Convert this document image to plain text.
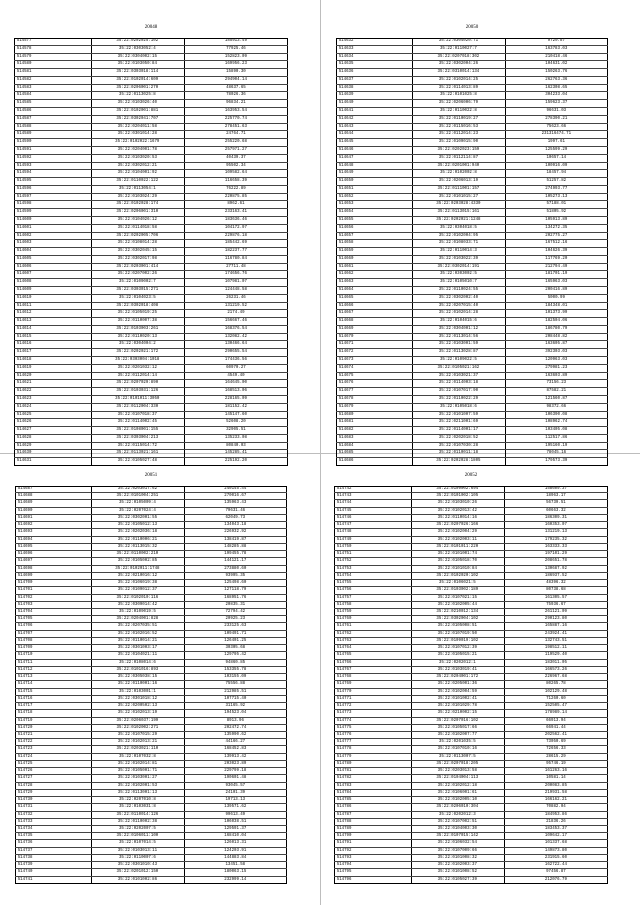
20048
514577	35:22:0202025:102	185913.49
514578	35:22:0303052:4	77925.46
514579	35:22:0304002:15	152823.09
514580	35:22:0103050:84	169956.23
514581	35:22:0303018:114	15890.30
514582	35:22:0102014:609	294904.14
514583	35:22:0206001:270	48637.65
514584	35:22:0113025:8	78026.36
514585	35:22:0103026:40	96834.21
514586	35:22:0102001:881	163953.54
514587	35:22:0302041:707	225770.74
514588	35:22:0204011:58	278451.63
514589	35:22:0301014:28	24764.71
514590	35:22:0102022:1679	255220.68
514591	35:22:0204001:78	257971.27
514592	35:22:0103020:53	40439.37
514593	35:22:0302012:21	95502.34
514594	35:22:0104001:92	109582.64
514595	35:22:0110022:122	116658.39
514596	35:22:0113054:1	76222.89
514597	35:22:0103024:29	220875.85
514598	35:22:0102028:174	8962.61
514599	35:22:0206001:310	233163.41
514600	35:22:0104026:12	183636.46
514601	35:22:0114018:58	104172.97
514602	35:22:0202005:706	229876.18
514603	35:22:0108014:28	185442.69
514604	35:22:0302045:15	182237.77
514605	35:22:0302017:98	116780.84
514606	35:22:0203001:414	27711.48
514607	35:22:0207002:26	174656.76
514608	35:22:0109002:7	107981.07
514609	35:22:0303015:271	124448.58
514610	35:22:0104023:5	26231.46
514611	35:22:0302018:408	131219.52
514612	35:22:0105019:25	2174.49
514613	35:22:0110007:38	156667.46
514614	35:22:0103003:261	168376.54
514615	35:22:0110020:13	132082.42
514616	35:22:0304004:2	130466.64
514617	35:22:0202021:172	290655.54
514618	35:22:0303004:1018	174436.56
514619	35:22:0201032:12	60970.27
514620	35:22:0112014:14	4549.40
514621	35:22:0207029:890	164645.00
514622	35:22:0103031:126	168513.06
514623	35:22:0101011:3050	228165.09
514624	35:22:0112004:330	181152.42
514625	35:22:0107018:37	145147.60
514626	35:22:0114002:45	52608.20
514627	35:22:0108001:155	32905.51
514628	35:22:0303004:213	135233.08
514629	35:22:0115014:72	80840.03
514630	35:22:0113021:161	145285.41
514631	35:22:0105027:48	225192.20
20050
514632	35:22:0304020:71	9720.87
514633	35:22:0110027:7	163783.03
514634	35:22:0207018:302	210418.46
514635	35:22:0302004:26	104631.02
514636	35:22:0310014:134	150263.76
514637	35:22:0102014:25	262763.36
514638	35:22:0114013:89	162308.65
514639	35:22:0101025:8	304233.04
514640	35:22:0206006:79	159623.37
514641	35:22:0110022:8	96631.03
514642	35:22:0110019:27	278390.21
514643	35:22:0115016:53	75623.66
514644	35:22:0112014:23	231316474.71
514645	35:22:0109015:90	1997.61
514646	35:22:0202023:159	125599.29
514647	35:22:0112114:87	10657.14
514648	35:22:0201001:940	100916.09
514649	35:22:0102002:8	18457.94
514650	35:22:0206013:19	51257.82
514651	35:22:0111001:157	274993.77
514652	35:22:0101015:27	105273.13
514653	35:22:0203028:4330	57188.01
514654	35:22:0113015:161	51805.92
514655	35:22:0202021:1248	105913.89
514656	35:22:0304018:5	134272.35
514657	35:22:0102004:95	202775.27
514658	35:22:0108033:71	167512.16
514659	35:22:0110014:3	104626.39
514660	35:22:0103022:39	117769.20
514661	35:22:0302014:191	212794.49
514662	35:22:0303002:5	181701.19
514663	35:22:0105010:7	165963.03
514664	35:22:0110024:55	200416.89
514665	35:22:0302002:40	5000.99
514666	35:22:0207015:40	184348.01
514667	35:22:0102014:28	101373.99
514668	35:22:0104015:6	182504.06
514669	35:22:0304001:12	186780.79
514670	35:22:0113014:56	208448.82
514671	35:22:0103001:59	163605.87
514672	35:22:0113028:87	392303.03
514673	35:22:0109022:5	120963.03
514674	35:22:0105021:162	279981.23
514675	35:22:0103021:37	163603.89
514676	35:22:0114003:18	73156.23
514677	35:22:0107017:90	87582.21
514678	35:22:0110022:29	121560.87
514679	35:22:0105018:6	98372.66
514680	35:22:0101007:59	106390.08
514681	35:22:0211001:69	108962.74
514682	35:22:0114001:17	103405.08
514683	35:22:0202018:52	112517.86
514684	35:22:0107030:28	195160.19
514685	35:22:0110011:18	78045.16
514686	35:22:0202028:1805	179573.39
20051
514687	35:22:0203017:62	240145.44
514688	35:22:0101004:251	270016.67
514689	35:22:0105009:4	135963.43
514690	35:22:0207024:4	79631.46
514691	35:22:0302001:55	62049.73
514692	35:22:0105012:13	134043.18
514693	35:22:0202036:18	226932.92
514694	35:22:0110006:21	138419.87
514695	35:22:0113015:32	148285.88
514696	35:22:0110002:210	199455.78
514697	35:22:0105002:85	144121.17
514698	35:22:0102011:1748	273880.60
514699	35:22:0210016:12	93995.35
514700	35:22:0106019:38	125498.60
514701	35:22:0109012:37	127118.79
514702	35:22:0102010:116	168951.76
514703	35:22:0309014:42	20835.31
514704	35:22:0109019:5	72794.42
514705	35:22:0204001:828	20925.23
514706	35:22:0207035:51	233125.63
514707	35:22:0102016:52	109491.71
514708	35:22:0110014:21	126401.25
514709	35:22:0301003:17	30305.68
514710	35:22:0104021:11	129795.42
514711	35:22:0108014:6	94860.85
514712	35:22:0101016:893	153355.78
514713	35:22:0305038:15	103155.09
514714	35:22:0110001:16	75556.88
514715	35:22:0103001:1	212985.51
514716	35:22:0301018:12	107715.40
514717	35:22:0200502:13	31165.92
514718	35:22:0102013:19	194523.04
514719	35:22:0206037:199	8913.96
514720	35:22:0102002:271	202472.74
514721	35:22:0107015:29	135990.62
514722	35:22:0102013:21	44166.27
514723	35:22:0203021:110	168452.83
514724	35:22:0107032:8	139913.42
514725	35:22:0102014:81	203023.89
514726	35:22:0105001:71	229799.18
514727	35:22:0103001:27	190601.48
514728	35:22:0102001:53	93045.57
514729	35:22:0113001:13	24101.39
514730	35:22:0207010:8	19713.13
514731	35:22:0103031:8	139571.62
514732	35:22:0110014:126	99613.49
514733	35:22:0110002:38	106038.51
514734	35:22:0202007:5	129591.37
514735	35:22:0106011:100	168410.04
514736	35:22:0107014:5	126013.31
514737	35:22:0103013:11	124203.91
514738	35:22:0110007:6	144883.84
514739	35:22:0301010:43	13451.58
514740	35:22:0201012:150	180063.15
514741	35:22:0101002:86	232999.14
20052
514742	35:22:0109002:694	158609.37
514743	35:22:0101002:105	18963.17
514744	35:22:0103010:26	56739.51
514745	35:22:0102013:42	60663.32
514746	35:22:0110014:16	186309.31
514747	35:22:0207026:166	160353.07
514748	35:22:0102004:29	131219.13
514749	35:22:0102003:11	179235.32
514750	35:22:0101011:220	163333.33
514751	35:22:0101001:74	197101.29
514752	35:22:0105018:70	208651.78
514753	35:22:0101010:84	130687.92
514754	35:22:0102020:102	186937.52
514755	35:22:0106021:5	48396.32
514756	35:22:0103002:189	80738.68
514757	35:22:0107021:15	161305.57
514758	35:22:0102005:44	75936.67
514759	35:22:0210012:134	261121.09
514760	35:22:0302004:102	290123.80
514761	35:22:0105008:51	165887.16
514762	35:22:0107019:50	243924.41
514763	35:22:0109019:102	132743.51
514764	35:22:0107012:39	198512.11
514765	35:22:0105015:21	119529.40
514766	35:22:0202012:1	183011.05
514767	35:22:0103019:41	166573.26
514768	35:22:0204001:172	226967.68
514769	35:22:0205001:36	80265.78
514770	35:22:0102004:59	102129.48
514771	35:22:0101002:41	71260.60
514772	35:22:0101029:78	152505.47
514773	35:22:0210002:15	178989.14
514774	35:22:0207016:102	66913.94
514775	35:22:0105017:66	66941.44
514776	35:22:0102007:77	202562.41
514777	35:22:0201035:5	73050.69
514778	35:22:0107010:16	72656.33
514779	35:22:0113007:5	28615.29
514780	35:22:0207018:205	95746.19
514781	35:22:0203013:58	161263.16
514782	35:22:0104004:113	10581.14
514783	35:22:0102012:18	200083.85
514784	35:22:0106001:61	219931.58
514785	35:22:0102005:10	166162.21
514786	35:22:0206010:304	70882.04
514787	35:22:0202012:3	184953.86
514788	35:22:0107002:51	21836.26
514789	35:22:0104003:30	183453.37
514790	35:22:0107015:142	109642.17
514791	35:22:0106032:54	101337.68
514792	35:22:0107009:66	149873.80
514793	35:22:0101008:32	231915.60
514794	35:22:0102003:37	162722.44
514795	35:22:0101008:52	97456.87
514796	35:22:0105027:39	212076.79
